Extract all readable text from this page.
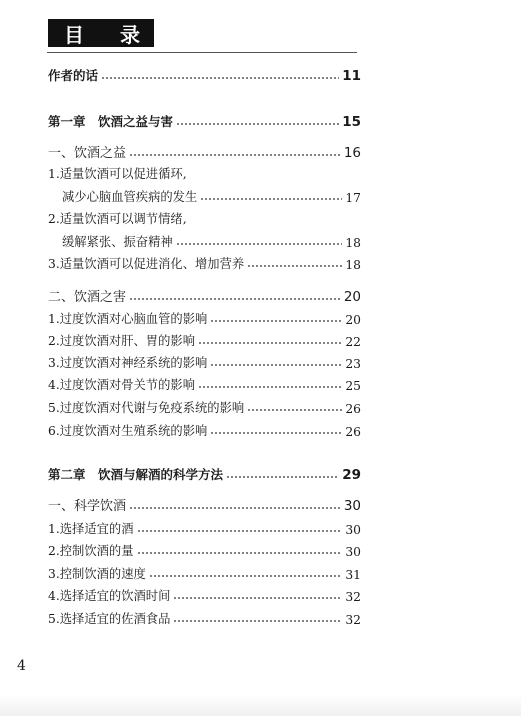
目 录
作者的话	11
第一章　饮酒之益与害	15
一、饮酒之益	16
1.适量饮酒可以促进循环,
减少心脑血管疾病的发生	17
2.适量饮酒可以调节情绪,
缓解紧张、振奋精神	18
3.适量饮酒可以促进消化、增加营养	18
二、饮酒之害	20
1.过度饮酒对心脑血管的影响	20
2.过度饮酒对肝、胃的影响	22
3.过度饮酒对神经系统的影响	23
4.过度饮酒对骨关节的影响	25
5.过度饮酒对代谢与免疫系统的影响	26
6.过度饮酒对生殖系统的影响	26
第二章　饮酒与解酒的科学方法	29
一、科学饮酒	30
1.选择适宜的酒	30
2.控制饮酒的量	30
3.控制饮酒的速度	31
4.选择适宜的饮酒时间	32
5.选择适宜的佐酒食品	32
4
